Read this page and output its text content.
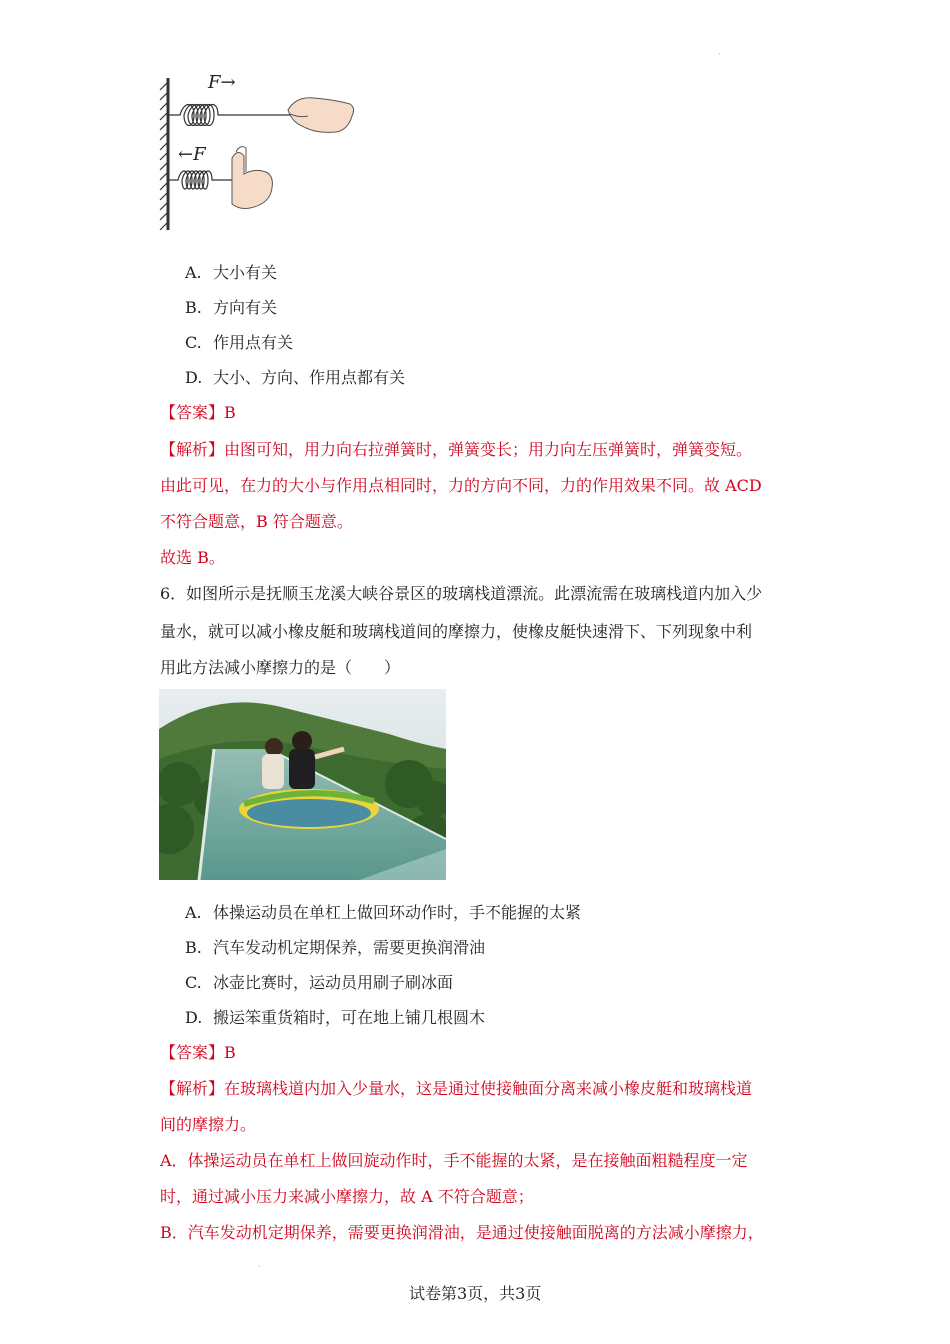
·
F→
←F
A. 大小有关
B. 方向有关
C. 作用点有关
D. 大小、方向、作用点都有关
【答案】B
【解析】由图可知，用力向右拉弹簧时，弹簧变长；用力向左压弹簧时，弹簧变短。
由此可见，在力的大小与作用点相同时，力的方向不同，力的作用效果不同。故 ACD
不符合题意，B 符合题意。
故选 B。
6．如图所示是抚顺玉龙溪大峡谷景区的玻璃栈道漂流。此漂流需在玻璃栈道内加入少
量水，就可以减小橡皮艇和玻璃栈道间的摩擦力，使橡皮艇快速滑下、下列现象中利
用此方法减小摩擦力的是（　　）
A. 体操运动员在单杠上做回环动作时，手不能握的太紧
B. 汽车发动机定期保养，需要更换润滑油
C. 冰壶比赛时，运动员用刷子刷冰面
D. 搬运笨重货箱时，可在地上铺几根圆木
【答案】B
【解析】在玻璃栈道内加入少量水，这是通过使接触面分离来减小橡皮艇和玻璃栈道
间的摩擦力。
A．体操运动员在单杠上做回旋动作时，手不能握的太紧，是在接触面粗糙程度一定
时，通过减小压力来减小摩擦力，故 A 不符合题意；
B．汽车发动机定期保养，需要更换润滑油，是通过使接触面脱离的方法减小摩擦力，
·
试卷第3页，共3页
